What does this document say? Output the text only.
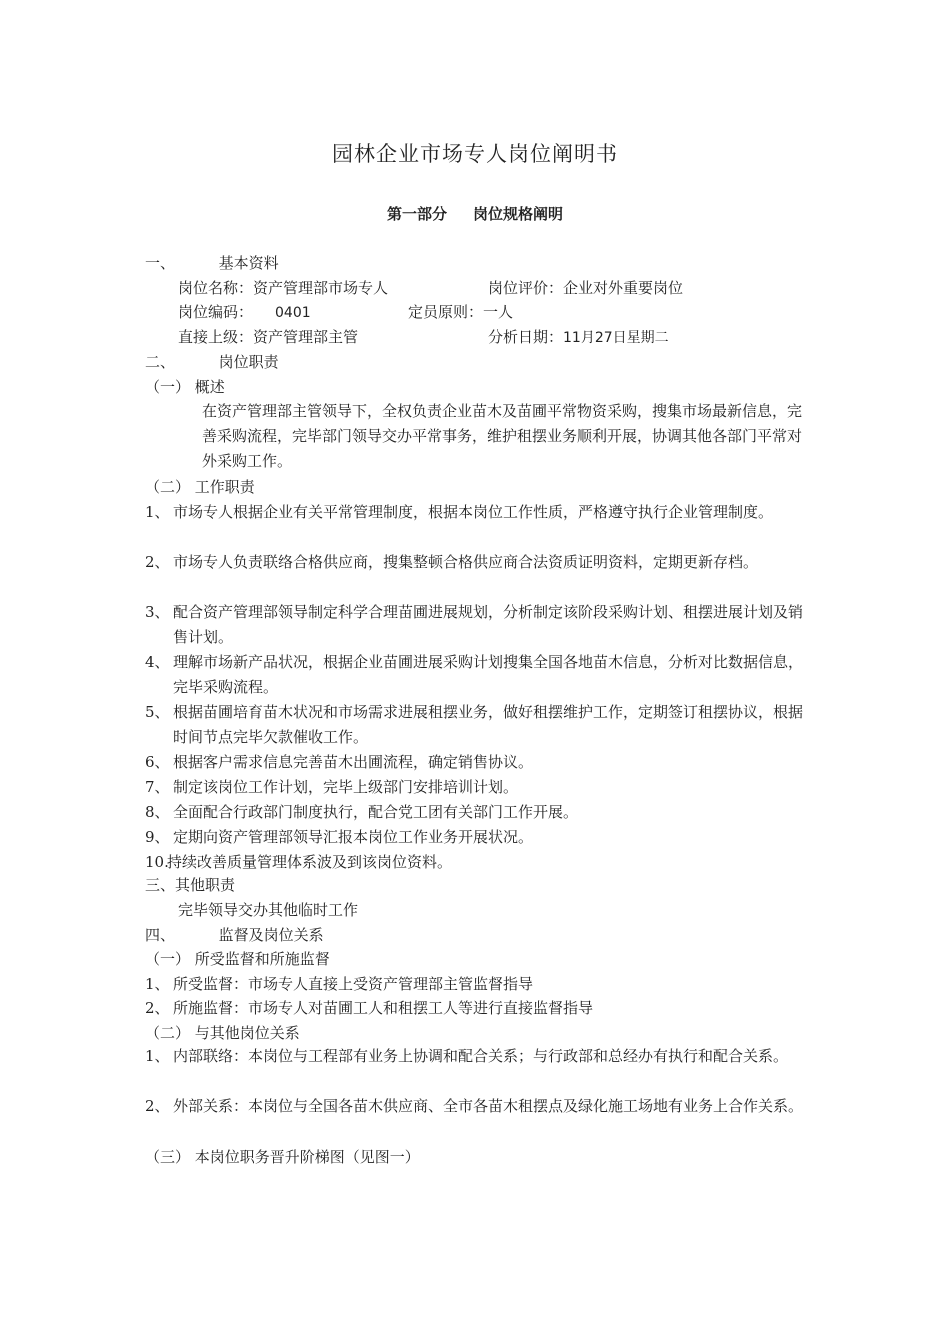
园林企业市场专人岗位阐明书
第一部分 岗位规格阐明
一、	基本资料
岗位名称：资产管理部市场专人	岗位评价：企业对外重要岗位
岗位编码： 0401	定员原则：一人
直接上级：资产管理部主管	分析日期：11月27日星期二
二、	岗位职责
（一） 概述
在资产管理部主管领导下，全权负责企业苗木及苗圃平常物资采购，搜集市场最新信息，完善采购流程，完毕部门领导交办平常事务，维护租摆业务顺利开展，协调其他各部门平常对外采购工作。
（二） 工作职责
1、 市场专人根据企业有关平常管理制度，根据本岗位工作性质，严格遵守执行企业管理制度。
2、 市场专人负责联络合格供应商，搜集整顿合格供应商合法资质证明资料，定期更新存档。
3、 配合资产管理部领导制定科学合理苗圃进展规划，分析制定该阶段采购计划、租摆进展计划及销售计划。
4、 理解市场新产品状况，根据企业苗圃进展采购计划搜集全国各地苗木信息，分析对比数据信息，完毕采购流程。
5、 根据苗圃培育苗木状况和市场需求进展租摆业务，做好租摆维护工作，定期签订租摆协议，根据时间节点完毕欠款催收工作。
6、 根据客户需求信息完善苗木出圃流程，确定销售协议。
7、 制定该岗位工作计划，完毕上级部门安排培训计划。
8、 全面配合行政部门制度执行，配合党工团有关部门工作开展。
9、 定期向资产管理部领导汇报本岗位工作业务开展状况。
10.
持续改善质量管理体系波及到该岗位资料。
三、其他职责
完毕领导交办其他临时工作
四、	监督及岗位关系
（一） 所受监督和所施监督
1、 所受监督：市场专人直接上受资产管理部主管监督指导
2、 所施监督：市场专人对苗圃工人和租摆工人等进行直接监督指导
（二） 与其他岗位关系
1、 内部联络：本岗位与工程部有业务上协调和配合关系；与行政部和总经办有执行和配合关系。
2、 外部关系：本岗位与全国各苗木供应商、全市各苗木租摆点及绿化施工场地有业务上合作关系。
（三） 本岗位职务晋升阶梯图（见图一）
